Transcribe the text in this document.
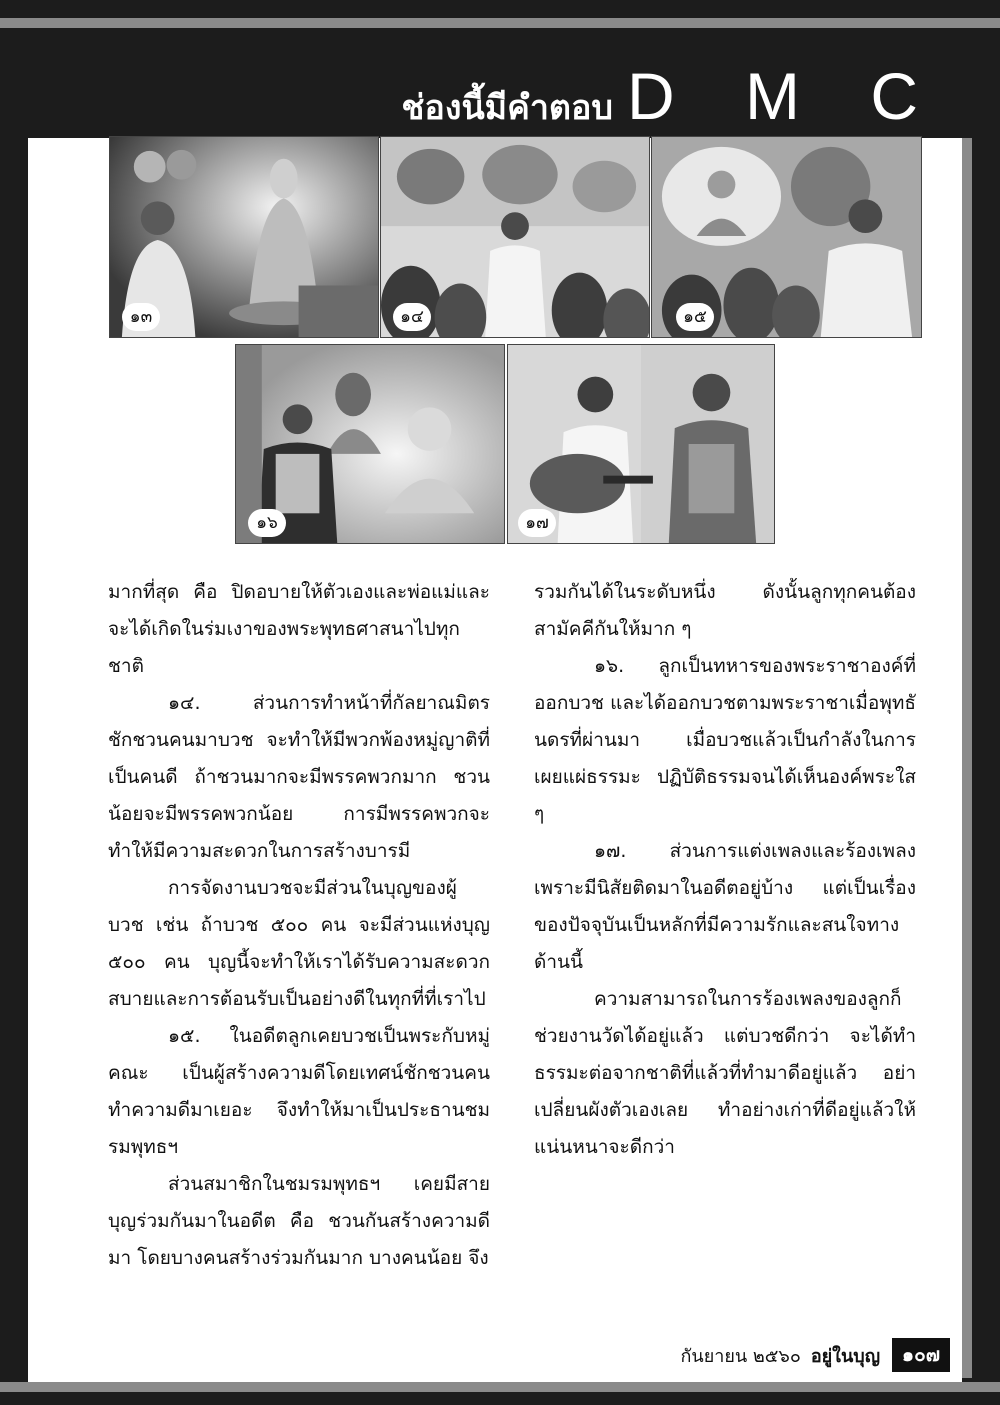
ช่องนี้มีคำตอบ D M C
๑๓	๑๔	๑๕
๑๖	๑๗

มากที่สุด คือ ปิดอบายให้ตัวเองและพ่อแม่และจะได้เกิดในร่มเงาของพระพุทธศาสนาไปทุกชาติ

๑๔. ส่วนการทำหน้าที่กัลยาณมิตรชักชวนคนมาบวช จะทำให้มีพวกพ้องหมู่ญาติที่เป็นคนดี ถ้าชวนมากจะมีพรรคพวกมาก ชวนน้อยจะมีพรรคพวกน้อย การมีพรรคพวกจะทำให้มีความสะดวกในการสร้างบารมี

การจัดงานบวชจะมีส่วนในบุญของผู้บวช เช่น ถ้าบวช ๕๐๐ คน จะมีส่วนแห่งบุญ ๕๐๐ คน บุญนี้จะทำให้เราได้รับความสะดวกสบายและการต้อนรับเป็นอย่างดีในทุกที่ที่เราไป

๑๕. ในอดีตลูกเคยบวชเป็นพระกับหมู่คณะ เป็นผู้สร้างความดีโดยเทศน์ชักชวนคนทำความดีมาเยอะ จึงทำให้มาเป็นประธานชมรมพุทธฯ

ส่วนสมาชิกในชมรมพุทธฯ เคยมีสายบุญร่วมกันมาในอดีต คือ ชวนกันสร้างความดีมา โดยบางคนสร้างร่วมกันมาก บางคนน้อย จึง

รวมกันได้ในระดับหนึ่ง ดังนั้นลูกทุกคนต้องสามัคคีกันให้มาก ๆ

๑๖. ลูกเป็นทหารของพระราชาองค์ที่ออกบวช และได้ออกบวชตามพระราชาเมื่อพุทธันดรที่ผ่านมา เมื่อบวชแล้วเป็นกำลังในการเผยแผ่ธรรมะ ปฏิบัติธรรมจนได้เห็นองค์พระใส ๆ

๑๗. ส่วนการแต่งเพลงและร้องเพลงเพราะมีนิสัยติดมาในอดีตอยู่บ้าง แต่เป็นเรื่องของปัจจุบันเป็นหลักที่มีความรักและสนใจทางด้านนี้

ความสามารถในการร้องเพลงของลูกก็ช่วยงานวัดได้อยู่แล้ว แต่บวชดีกว่า จะได้ทำธรรมะต่อจากชาติที่แล้วที่ทำมาดีอยู่แล้ว อย่าเปลี่ยนผังตัวเองเลย ทำอย่างเก่าที่ดีอยู่แล้วให้แน่นหนาจะดีกว่า

กันยายน ๒๕๖๐ อยู่ในบุญ	๑๐๗
